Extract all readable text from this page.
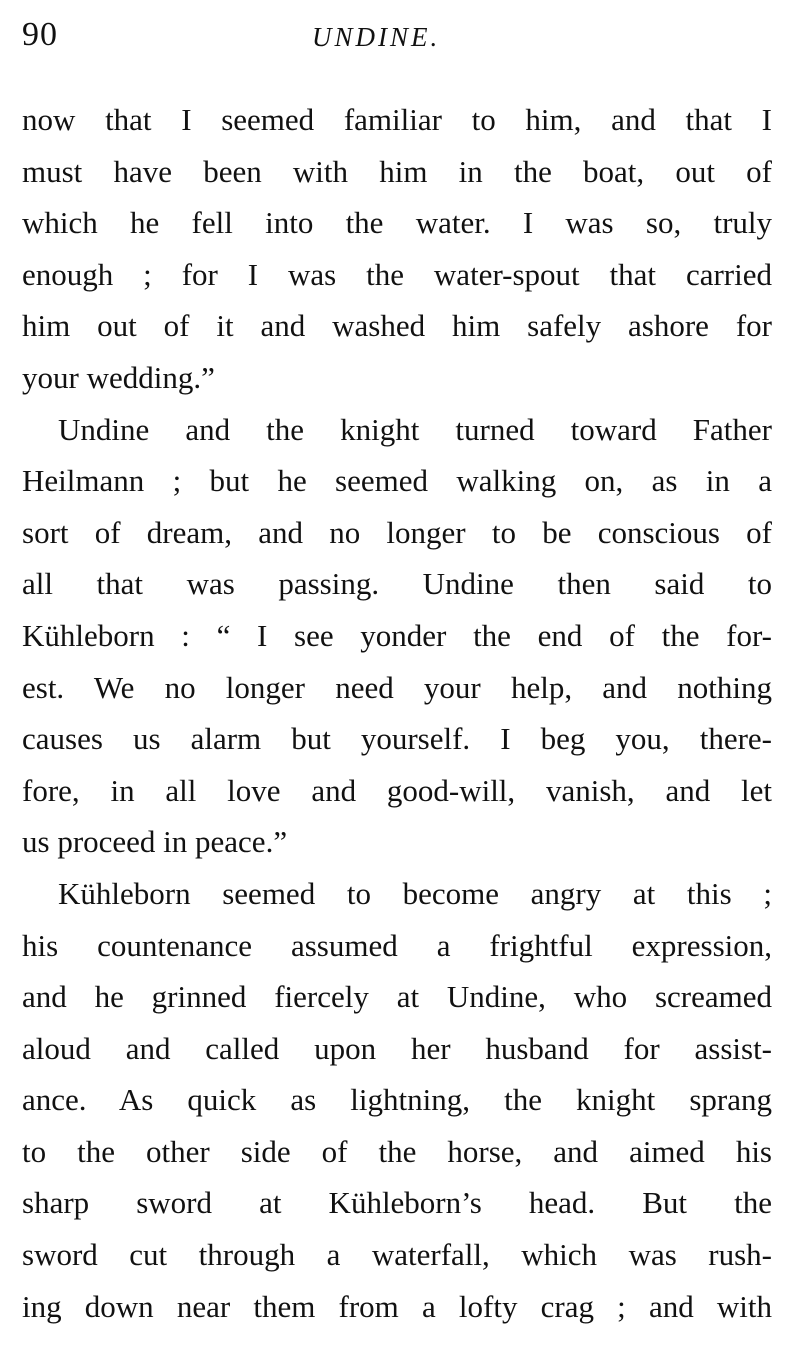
90	UNDINE.
now that I seemed familiar to him, and that I
must have been with him in the boat, out of
which he fell into the water. I was so, truly
enough ; for I was the water-spout that carried
him out of it and washed him safely ashore for
your wedding.”
Undine and the knight turned toward Father
Heilmann ; but he seemed walking on, as in a
sort of dream, and no longer to be conscious of
all that was passing. Undine then said to
Kühleborn : “ I see yonder the end of the for-
est. We no longer need your help, and nothing
causes us alarm but yourself. I beg you, there-
fore, in all love and good-will, vanish, and let
us proceed in peace.”
Kühleborn seemed to become angry at this ;
his countenance assumed a frightful expression,
and he grinned fiercely at Undine, who screamed
aloud and called upon her husband for assist-
ance. As quick as lightning, the knight sprang
to the other side of the horse, and aimed his
sharp sword at Kühleborn’s head. But the
sword cut through a waterfall, which was rush-
ing down near them from a lofty crag ; and with
